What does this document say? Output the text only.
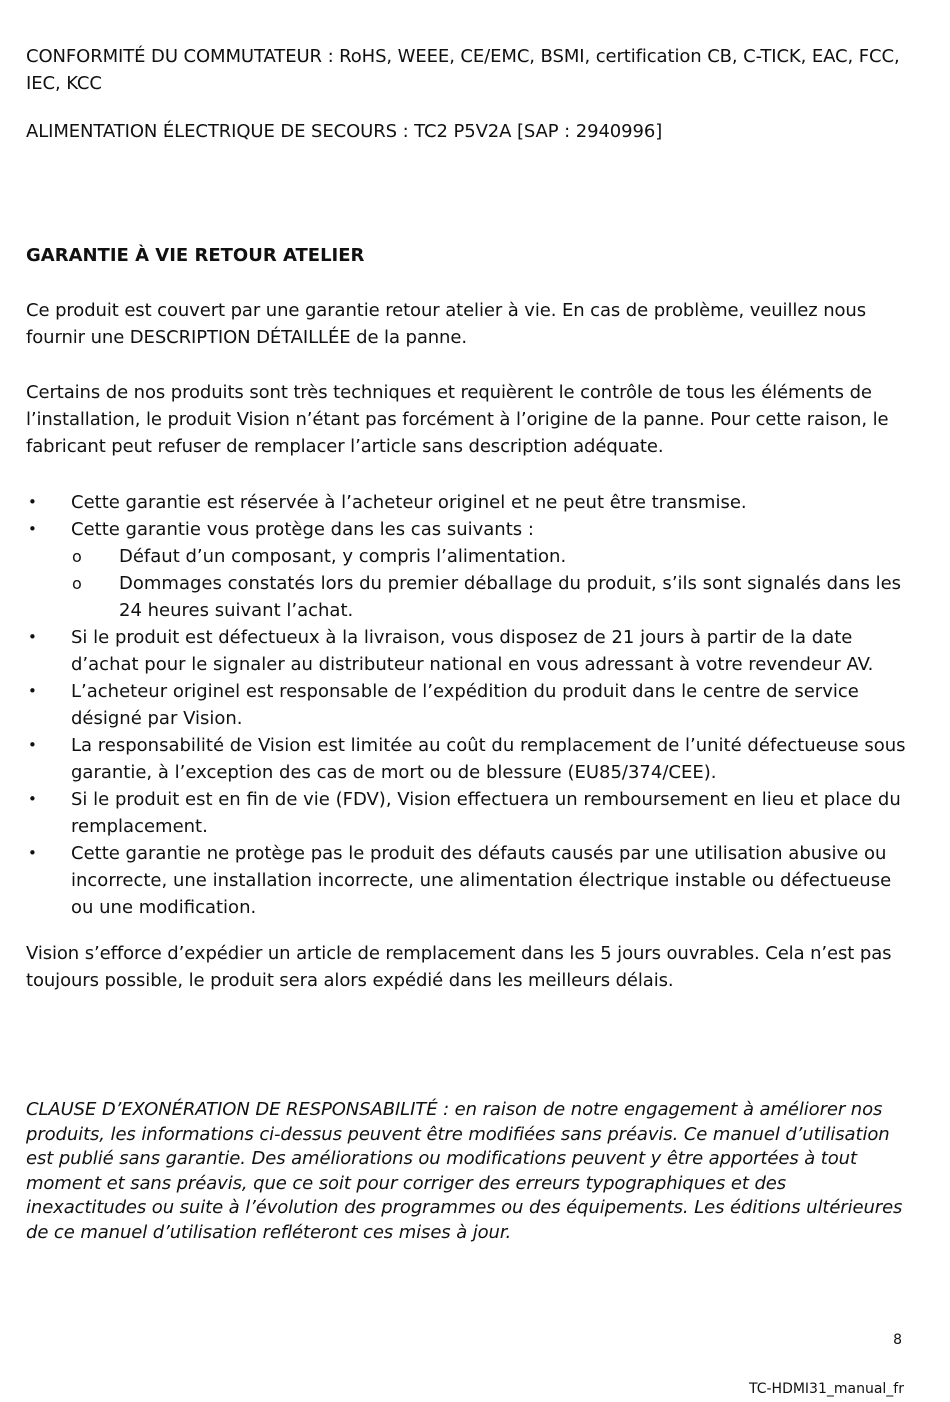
CONFORMITÉ DU COMMUTATEUR : RoHS, WEEE, CE/EMC, BSMI, certification CB, C-TICK, EAC, FCC, IEC, KCC

ALIMENTATION ÉLECTRIQUE DE SECOURS : TC2 P5V2A [SAP : 2940996]

GARANTIE À VIE RETOUR ATELIER

Ce produit est couvert par une garantie retour atelier à vie. En cas de problème, veuillez nous fournir une DESCRIPTION DÉTAILLÉE de la panne.

Certains de nos produits sont très techniques et requièrent le contrôle de tous les éléments de l’installation, le produit Vision n’étant pas forcément à l’origine de la panne. Pour cette raison, le fabricant peut refuser de remplacer l’article sans description adéquate.

• Cette garantie est réservée à l’acheteur originel et ne peut être transmise.
• Cette garantie vous protège dans les cas suivants :
o Défaut d’un composant, y compris l’alimentation.
o Dommages constatés lors du premier déballage du produit, s’ils sont signalés dans les 24 heures suivant l’achat.
• Si le produit est défectueux à la livraison, vous disposez de 21 jours à partir de la date d’achat pour le signaler au distributeur national en vous adressant à votre revendeur AV.
• L’acheteur originel est responsable de l’expédition du produit dans le centre de service désigné par Vision.
• La responsabilité de Vision est limitée au coût du remplacement de l’unité défectueuse sous garantie, à l’exception des cas de mort ou de blessure (EU85/374/CEE).
• Si le produit est en fin de vie (FDV), Vision effectuera un remboursement en lieu et place du remplacement.
• Cette garantie ne protège pas le produit des défauts causés par une utilisation abusive ou incorrecte, une installation incorrecte, une alimentation électrique instable ou défectueuse ou une modification.

Vision s’efforce d’expédier un article de remplacement dans les 5 jours ouvrables. Cela n’est pas toujours possible, le produit sera alors expédié dans les meilleurs délais.

CLAUSE D’EXONÉRATION DE RESPONSABILITÉ : en raison de notre engagement à améliorer nos produits, les informations ci-dessus peuvent être modifiées sans préavis. Ce manuel d’utilisation est publié sans garantie. Des améliorations ou modifications peuvent y être apportées à tout moment et sans préavis, que ce soit pour corriger des erreurs typographiques et des inexactitudes ou suite à l’évolution des programmes ou des équipements. Les éditions ultérieures de ce manuel d’utilisation refléteront ces mises à jour.

8
TC-HDMI31_manual_fr
